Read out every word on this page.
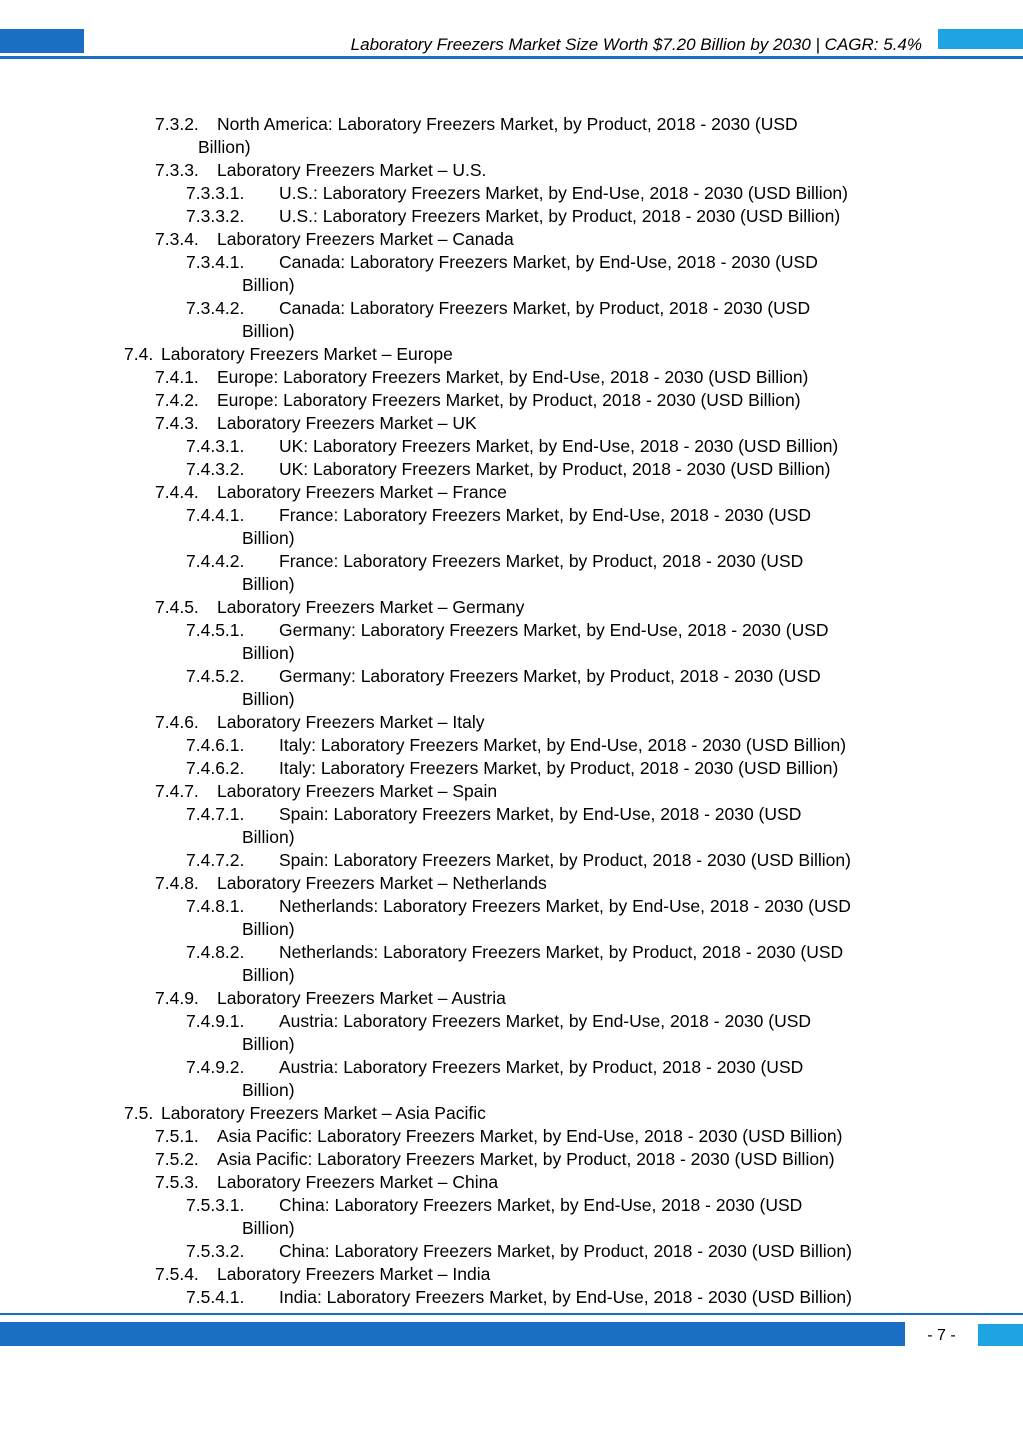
Laboratory Freezers Market Size Worth $7.20 Billion by 2030 | CAGR: 5.4%
7.3.2. North America: Laboratory Freezers Market, by Product, 2018 - 2030 (USD
Billion)
7.3.3. Laboratory Freezers Market – U.S.
7.3.3.1. U.S.: Laboratory Freezers Market, by End-Use, 2018 - 2030 (USD Billion)
7.3.3.2. U.S.: Laboratory Freezers Market, by Product, 2018 - 2030 (USD Billion)
7.3.4. Laboratory Freezers Market – Canada
7.3.4.1. Canada: Laboratory Freezers Market, by End-Use, 2018 - 2030 (USD
Billion)
7.3.4.2. Canada: Laboratory Freezers Market, by Product, 2018 - 2030 (USD
Billion)
7.4. Laboratory Freezers Market – Europe
7.4.1. Europe: Laboratory Freezers Market, by End-Use, 2018 - 2030 (USD Billion)
7.4.2. Europe: Laboratory Freezers Market, by Product, 2018 - 2030 (USD Billion)
7.4.3. Laboratory Freezers Market – UK
7.4.3.1. UK: Laboratory Freezers Market, by End-Use, 2018 - 2030 (USD Billion)
7.4.3.2. UK: Laboratory Freezers Market, by Product, 2018 - 2030 (USD Billion)
7.4.4. Laboratory Freezers Market – France
7.4.4.1. France: Laboratory Freezers Market, by End-Use, 2018 - 2030 (USD
Billion)
7.4.4.2. France: Laboratory Freezers Market, by Product, 2018 - 2030 (USD
Billion)
7.4.5. Laboratory Freezers Market – Germany
7.4.5.1. Germany: Laboratory Freezers Market, by End-Use, 2018 - 2030 (USD
Billion)
7.4.5.2. Germany: Laboratory Freezers Market, by Product, 2018 - 2030 (USD
Billion)
7.4.6. Laboratory Freezers Market – Italy
7.4.6.1. Italy: Laboratory Freezers Market, by End-Use, 2018 - 2030 (USD Billion)
7.4.6.2. Italy: Laboratory Freezers Market, by Product, 2018 - 2030 (USD Billion)
7.4.7. Laboratory Freezers Market – Spain
7.4.7.1. Spain: Laboratory Freezers Market, by End-Use, 2018 - 2030 (USD
Billion)
7.4.7.2. Spain: Laboratory Freezers Market, by Product, 2018 - 2030 (USD Billion)
7.4.8. Laboratory Freezers Market – Netherlands
7.4.8.1. Netherlands: Laboratory Freezers Market, by End-Use, 2018 - 2030 (USD
Billion)
7.4.8.2. Netherlands: Laboratory Freezers Market, by Product, 2018 - 2030 (USD
Billion)
7.4.9. Laboratory Freezers Market – Austria
7.4.9.1. Austria: Laboratory Freezers Market, by End-Use, 2018 - 2030 (USD
Billion)
7.4.9.2. Austria: Laboratory Freezers Market, by Product, 2018 - 2030 (USD
Billion)
7.5. Laboratory Freezers Market – Asia Pacific
7.5.1. Asia Pacific: Laboratory Freezers Market, by End-Use, 2018 - 2030 (USD Billion)
7.5.2. Asia Pacific: Laboratory Freezers Market, by Product, 2018 - 2030 (USD Billion)
7.5.3. Laboratory Freezers Market – China
7.5.3.1. China: Laboratory Freezers Market, by End-Use, 2018 - 2030 (USD
Billion)
7.5.3.2. China: Laboratory Freezers Market, by Product, 2018 - 2030 (USD Billion)
7.5.4. Laboratory Freezers Market – India
7.5.4.1. India: Laboratory Freezers Market, by End-Use, 2018 - 2030 (USD Billion)
- 7 -
